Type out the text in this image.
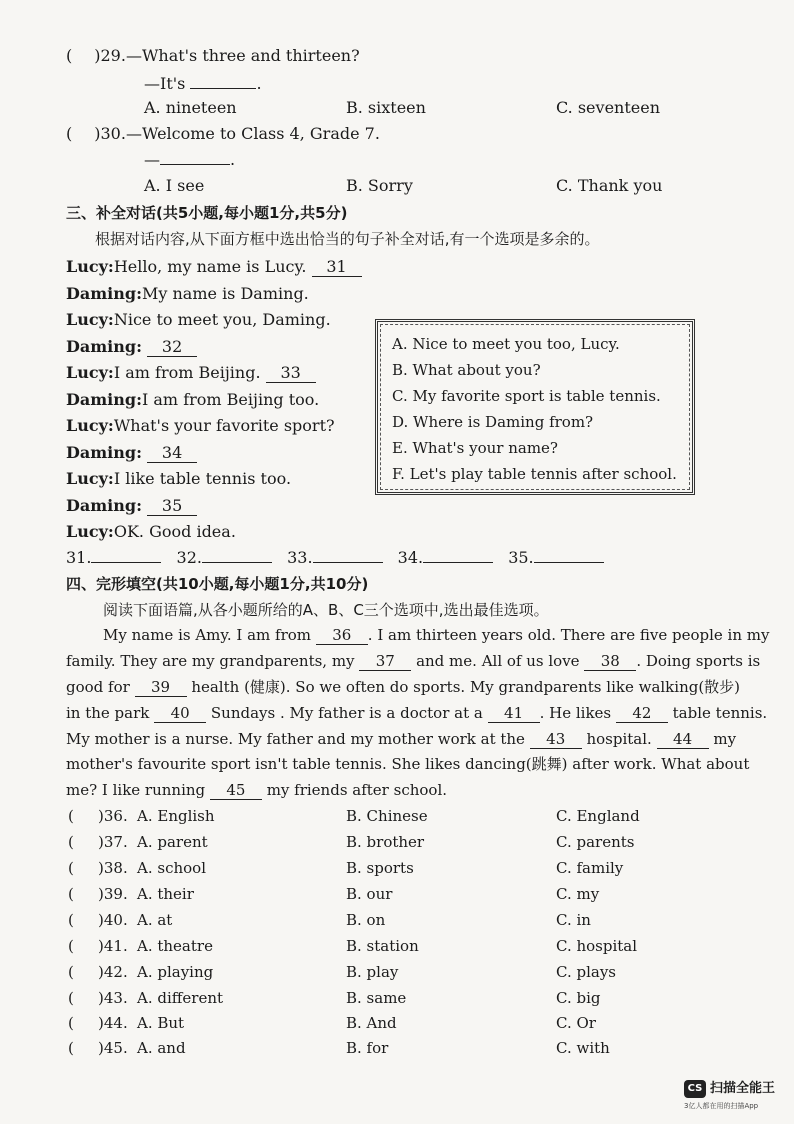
( )29.—What's three and thirteen?
—It's	.
A. nineteen	B. sixteen	C. seventeen
( )30.—Welcome to Class 4, Grade 7.
—	.
A. I see	B. Sorry	C. Thank you
三、补全对话(共5小题,每小题1分,共5分)
根据对话内容,从下面方框中选出恰当的句子补全对话,有一个选项是多余的。
Lucy:Hello, my name is Lucy. 31
Daming:My name is Daming.
Lucy:Nice to meet you, Daming.
Daming: 32
Lucy:I am from Beijing. 33
Daming:I am from Beijing too.
Lucy:What's your favorite sport?
Daming: 34
Lucy:I like table tennis too.
Daming: 35
Lucy:OK. Good idea.
A. Nice to meet you too, Lucy.
B. What about you?
C. My favorite sport is table tennis.
D. Where is Daming from?
E. What's your name?
F. Let's play table tennis after school.
31.	32.	33.	34.	35.
四、完形填空(共10小题,每小题1分,共10分)
阅读下面语篇,从各小题所给的A、B、C三个选项中,选出最佳选项。
My name is Amy. I am from 36 . I am thirteen years old. There are five people in my
family. They are my grandparents, my 37 and me. All of us love 38 . Doing sports is
good for 39 health (健康). So we often do sports. My grandparents like walking(散步)
in the park 40 Sundays . My father is a doctor at a 41 . He likes 42 table tennis.
My mother is a nurse. My father and my mother work at the 43 hospital. 44 my
mother's favourite sport isn't table tennis. She likes dancing(跳舞) after work. What about
me? I like running 45 my friends after school.
( )36. A. English	B. Chinese	C. England
( )37. A. parent	B. brother	C. parents
( )38. A. school	B. sports	C. family
( )39. A. their	B. our	C. my
( )40. A. at	B. on	C. in
( )41. A. theatre	B. station	C. hospital
( )42. A. playing	B. play	C. plays
( )43. A. different	B. same	C. big
( )44. A. But	B. And	C. Or
( )45. A. and	B. for	C. with
CS 扫描全能王
3亿人都在用的扫描App
